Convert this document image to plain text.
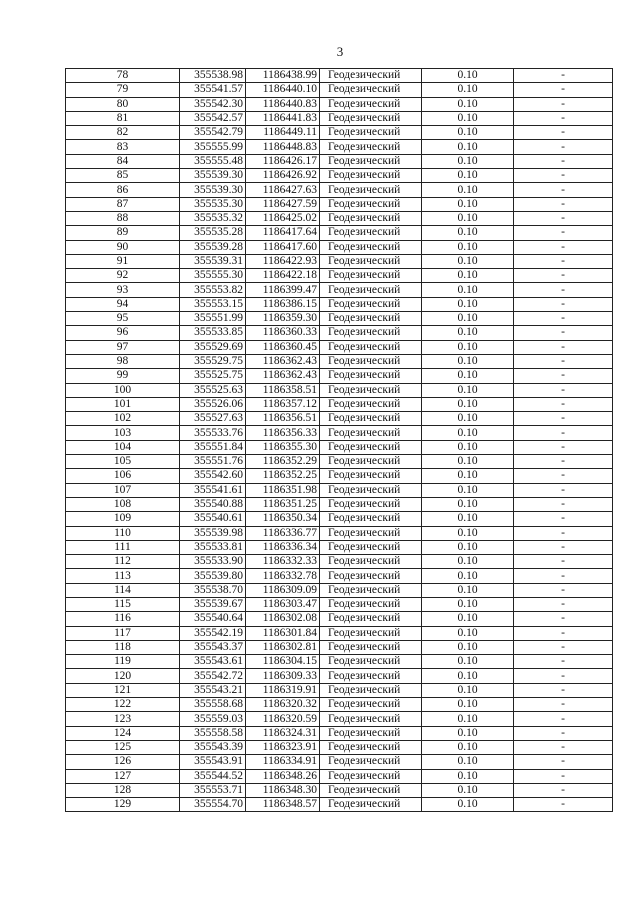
3
78	355538.98	1186438.99	Геодезический	0.10	-
79	355541.57	1186440.10	Геодезический	0.10	-
80	355542.30	1186440.83	Геодезический	0.10	-
81	355542.57	1186441.83	Геодезический	0.10	-
82	355542.79	1186449.11	Геодезический	0.10	-
83	355555.99	1186448.83	Геодезический	0.10	-
84	355555.48	1186426.17	Геодезический	0.10	-
85	355539.30	1186426.92	Геодезический	0.10	-
86	355539.30	1186427.63	Геодезический	0.10	-
87	355535.30	1186427.59	Геодезический	0.10	-
88	355535.32	1186425.02	Геодезический	0.10	-
89	355535.28	1186417.64	Геодезический	0.10	-
90	355539.28	1186417.60	Геодезический	0.10	-
91	355539.31	1186422.93	Геодезический	0.10	-
92	355555.30	1186422.18	Геодезический	0.10	-
93	355553.82	1186399.47	Геодезический	0.10	-
94	355553.15	1186386.15	Геодезический	0.10	-
95	355551.99	1186359.30	Геодезический	0.10	-
96	355533.85	1186360.33	Геодезический	0.10	-
97	355529.69	1186360.45	Геодезический	0.10	-
98	355529.75	1186362.43	Геодезический	0.10	-
99	355525.75	1186362.43	Геодезический	0.10	-
100	355525.63	1186358.51	Геодезический	0.10	-
101	355526.06	1186357.12	Геодезический	0.10	-
102	355527.63	1186356.51	Геодезический	0.10	-
103	355533.76	1186356.33	Геодезический	0.10	-
104	355551.84	1186355.30	Геодезический	0.10	-
105	355551.76	1186352.29	Геодезический	0.10	-
106	355542.60	1186352.25	Геодезический	0.10	-
107	355541.61	1186351.98	Геодезический	0.10	-
108	355540.88	1186351.25	Геодезический	0.10	-
109	355540.61	1186350.34	Геодезический	0.10	-
110	355539.98	1186336.77	Геодезический	0.10	-
111	355533.81	1186336.34	Геодезический	0.10	-
112	355533.90	1186332.33	Геодезический	0.10	-
113	355539.80	1186332.78	Геодезический	0.10	-
114	355538.70	1186309.09	Геодезический	0.10	-
115	355539.67	1186303.47	Геодезический	0.10	-
116	355540.64	1186302.08	Геодезический	0.10	-
117	355542.19	1186301.84	Геодезический	0.10	-
118	355543.37	1186302.81	Геодезический	0.10	-
119	355543.61	1186304.15	Геодезический	0.10	-
120	355542.72	1186309.33	Геодезический	0.10	-
121	355543.21	1186319.91	Геодезический	0.10	-
122	355558.68	1186320.32	Геодезический	0.10	-
123	355559.03	1186320.59	Геодезический	0.10	-
124	355558.58	1186324.31	Геодезический	0.10	-
125	355543.39	1186323.91	Геодезический	0.10	-
126	355543.91	1186334.91	Геодезический	0.10	-
127	355544.52	1186348.26	Геодезический	0.10	-
128	355553.71	1186348.30	Геодезический	0.10	-
129	355554.70	1186348.57	Геодезический	0.10	-
